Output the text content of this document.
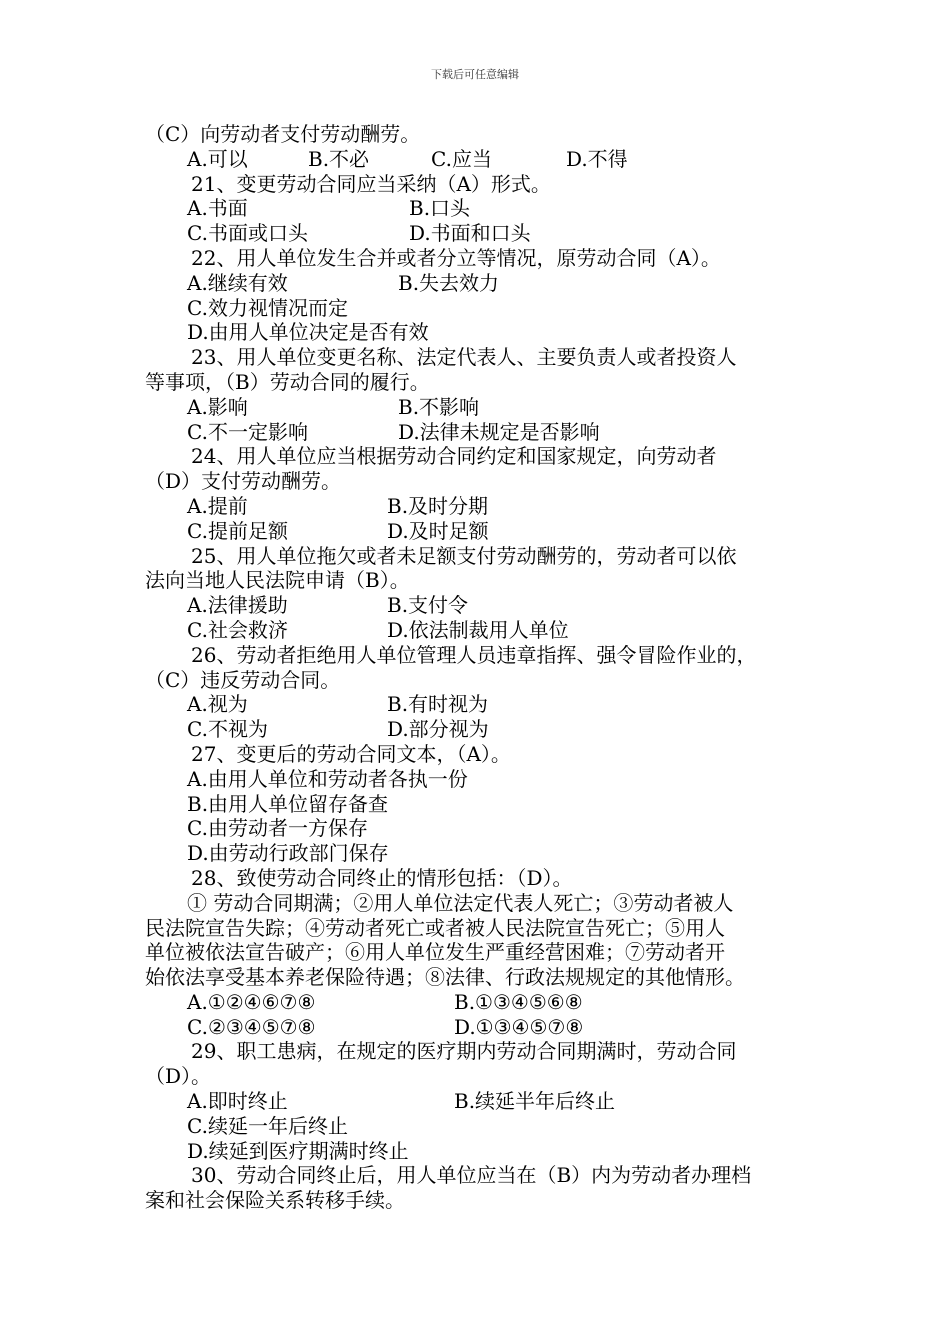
下载后可任意编辑
（C）向劳动者支付劳动酬劳。
A.可以	B.不必	C.应当	D.不得
21、变更劳动合同应当采纳（A）形式。
A.书面	B.口头
C.书面或口头	D.书面和口头
22、用人单位发生合并或者分立等情况，原劳动合同（A）。
A.继续有效	B.失去效力
C.效力视情况而定
D.由用人单位决定是否有效
23、用人单位变更名称、法定代表人、主要负责人或者投资人
等事项，（B）劳动合同的履行。
A.影响	B.不影响
C.不一定影响	D.法律未规定是否影响
24、用人单位应当根据劳动合同约定和国家规定，向劳动者
（D）支付劳动酬劳。
A.提前	B.及时分期
C.提前足额	D.及时足额
25、用人单位拖欠或者未足额支付劳动酬劳的，劳动者可以依
法向当地人民法院申请（B）。
A.法律援助	B.支付令
C.社会救济	D.依法制裁用人单位
26、劳动者拒绝用人单位管理人员违章指挥、强令冒险作业的，
（C）违反劳动合同。
A.视为	B.有时视为
C.不视为	D.部分视为
27、变更后的劳动合同文本，（A）。
A.由用人单位和劳动者各执一份
B.由用人单位留存备查
C.由劳动者一方保存
D.由劳动行政部门保存
28、致使劳动合同终止的情形包括：（D）。
① 劳动合同期满；②用人单位法定代表人死亡；③劳动者被人
民法院宣告失踪；④劳动者死亡或者被人民法院宣告死亡；⑤用人
单位被依法宣告破产；⑥用人单位发生严重经营困难；⑦劳动者开
始依法享受基本养老保险待遇；⑧法律、行政法规规定的其他情形。
A.①②④⑥⑦⑧	B.①③④⑤⑥⑧
C.②③④⑤⑦⑧	D.①③④⑤⑦⑧
29、职工患病，在规定的医疗期内劳动合同期满时，劳动合同
（D）。
A.即时终止	B.续延半年后终止
C.续延一年后终止
D.续延到医疗期满时终止
30、劳动合同终止后，用人单位应当在（B）内为劳动者办理档
案和社会保险关系转移手续。
